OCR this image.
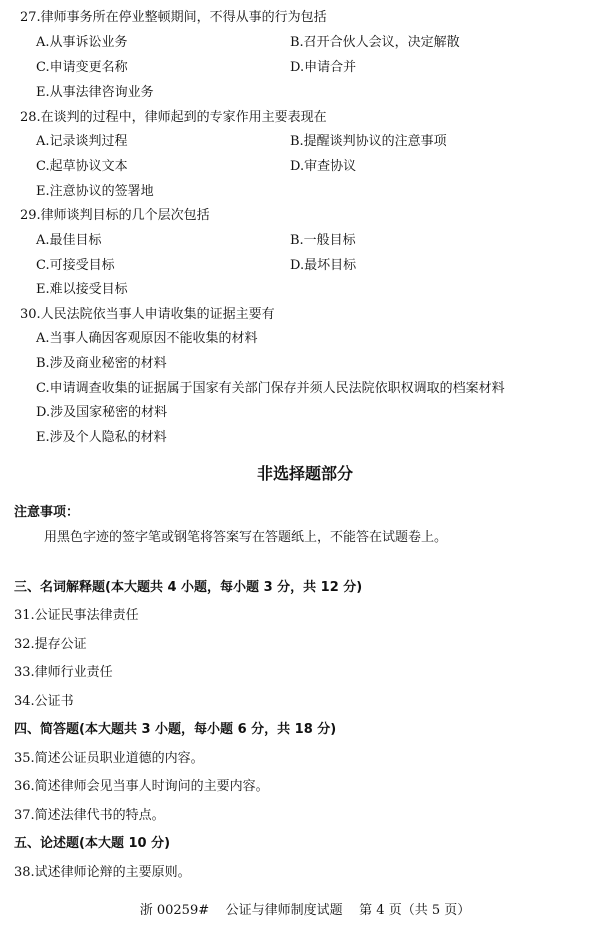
27.律师事务所在停业整顿期间，不得从事的行为包括
A.从事诉讼业务	B.召开合伙人会议，决定解散
C.申请变更名称	D.申请合并
E.从事法律咨询业务
28.在谈判的过程中，律师起到的专家作用主要表现在
A.记录谈判过程	B.提醒谈判协议的注意事项
C.起草协议文本	D.审查协议
E.注意协议的签署地
29.律师谈判目标的几个层次包括
A.最佳目标	B.一般目标
C.可接受目标	D.最坏目标
E.难以接受目标
30.人民法院依当事人申请收集的证据主要有
A.当事人确因客观原因不能收集的材料
B.涉及商业秘密的材料
C.申请调查收集的证据属于国家有关部门保存并须人民法院依职权调取的档案材料
D.涉及国家秘密的材料
E.涉及个人隐私的材料
非选择题部分
注意事项：
用黑色字迹的签字笔或钢笔将答案写在答题纸上，不能答在试题卷上。
三、名词解释题(本大题共 4 小题，每小题 3 分，共 12 分)
31.公证民事法律责任
32.提存公证
33.律师行业责任
34.公证书
四、简答题(本大题共 3 小题，每小题 6 分，共 18 分)
35.简述公证员职业道德的内容。
36.简述律师会见当事人时询问的主要内容。
37.简述法律代书的特点。
五、论述题(本大题 10 分)
38.试述律师论辩的主要原则。
浙 00259#    公证与律师制度试题    第 4 页（共 5 页）
